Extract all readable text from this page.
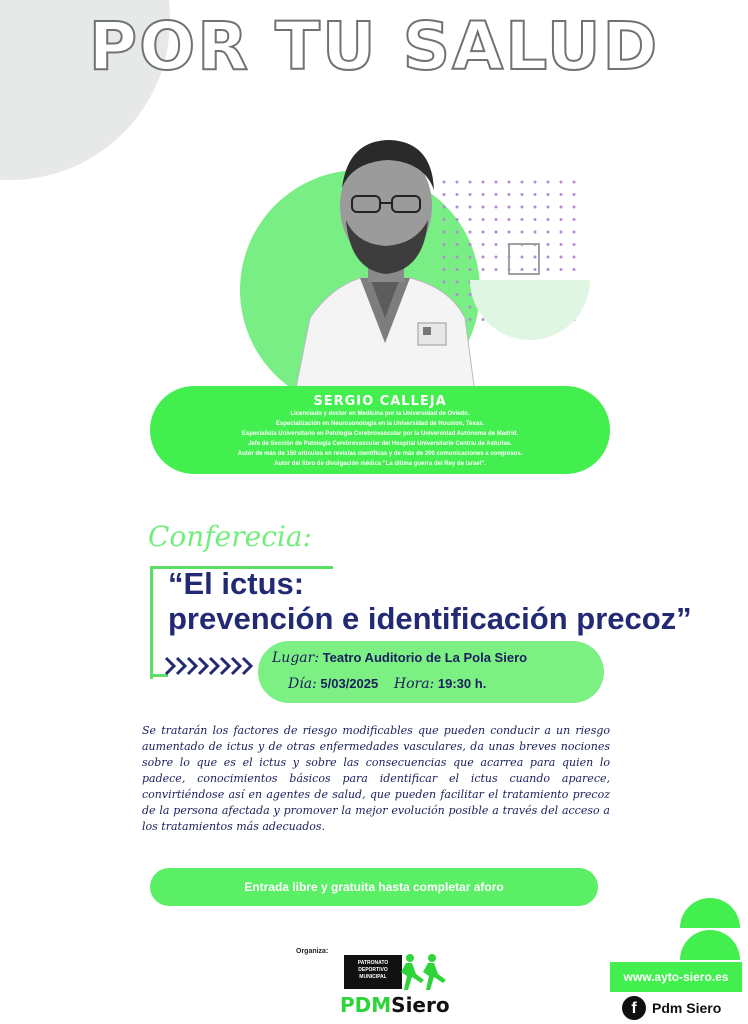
POR TU SALUD
SERGIO CALLEJA
Licenciado y doctor en Medicina por la Universidad de Oviedo.
Especialización en Neurosonología en la Universidad de Houston, Texas.
Especialista Universitario en Patología Cerebrovascular por la Universidad Autónoma de Madrid.
Jefe de Sección de Patología Cerebrovascular del Hospital Universitario Central de Asturias.
Autor de más de 150 artículos en revistas científicas y de más de 200 comunicaciones a congresos.
Autor del libro de divulgación médica "La última guerra del Rey de Israel".
Conferecia:
“El ictus:
prevención e identificación precoz”
Lugar: Teatro Auditorio de La Pola Siero
Día: 5/03/2025 Hora: 19:30 h.
Se tratarán los factores de riesgo modificables que pueden conducir a un riesgo aumentado de ictus y de otras enfermedades vasculares, da unas breves nociones sobre lo que es el ictus y sobre las consecuencias que acarrea para quien lo padece, conocimientos básicos para identificar el ictus cuando aparece, convirtiéndose así en agentes de salud, que pueden facilitar el tratamiento precoz de la persona afectada y promover la mejor evolución posible a través del acceso a los tratamientos más adecuados.
Entrada libre y gratuita hasta completar aforo
Organiza:
PATRONATO
DEPORTIVO
MUNICIPAL
PDMSiero
www.ayto-siero.es
f Pdm Siero
